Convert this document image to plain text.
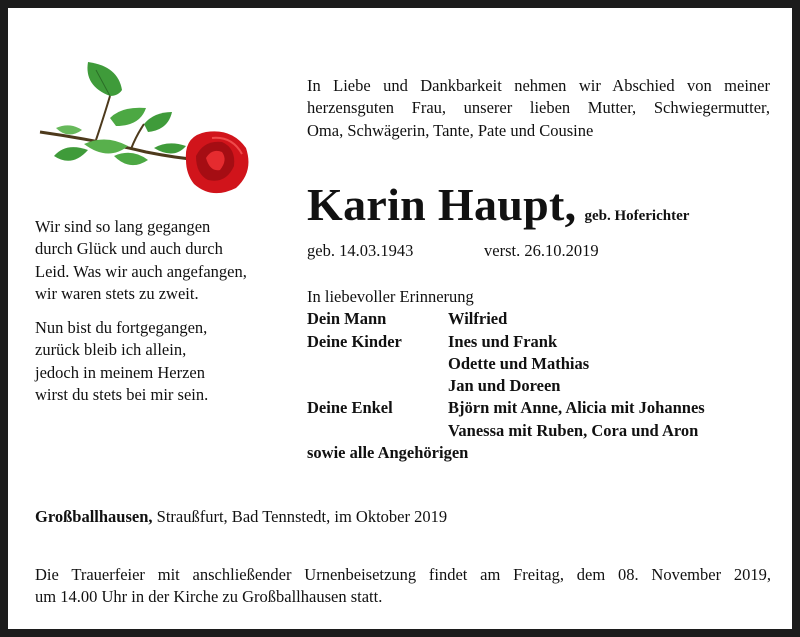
Wir sind so lang gegangen
durch Glück und auch durch
Leid. Was wir auch angefangen,
wir waren stets zu zweit.

Nun bist du fortgegangen,
zurück bleib ich allein,
jedoch in meinem Herzen
wirst du stets bei mir sein.

In Liebe und Dankbarkeit nehmen wir Abschied von meiner
herzensguten Frau, unserer lieben Mutter, Schwiegermutter,
Oma, Schwägerin, Tante, Pate und Cousine
Karin Haupt, geb. Hoferichter
geb. 14.03.1943	verst. 26.10.2019
In liebevoller Erinnerung
Dein Mann	Wilfried
Deine Kinder	Ines und Frank
Odette und Mathias
Jan und Doreen
Deine Enkel	Björn mit Anne, Alicia mit Johannes
Vanessa mit Ruben, Cora und Aron
sowie alle Angehörigen
Großballhausen, Straußfurt, Bad Tennstedt, im Oktober 2019
Die Trauerfeier mit anschließender Urnenbeisetzung findet am Freitag, dem 08. November 2019,
um 14.00 Uhr in der Kirche zu Großballhausen statt.
